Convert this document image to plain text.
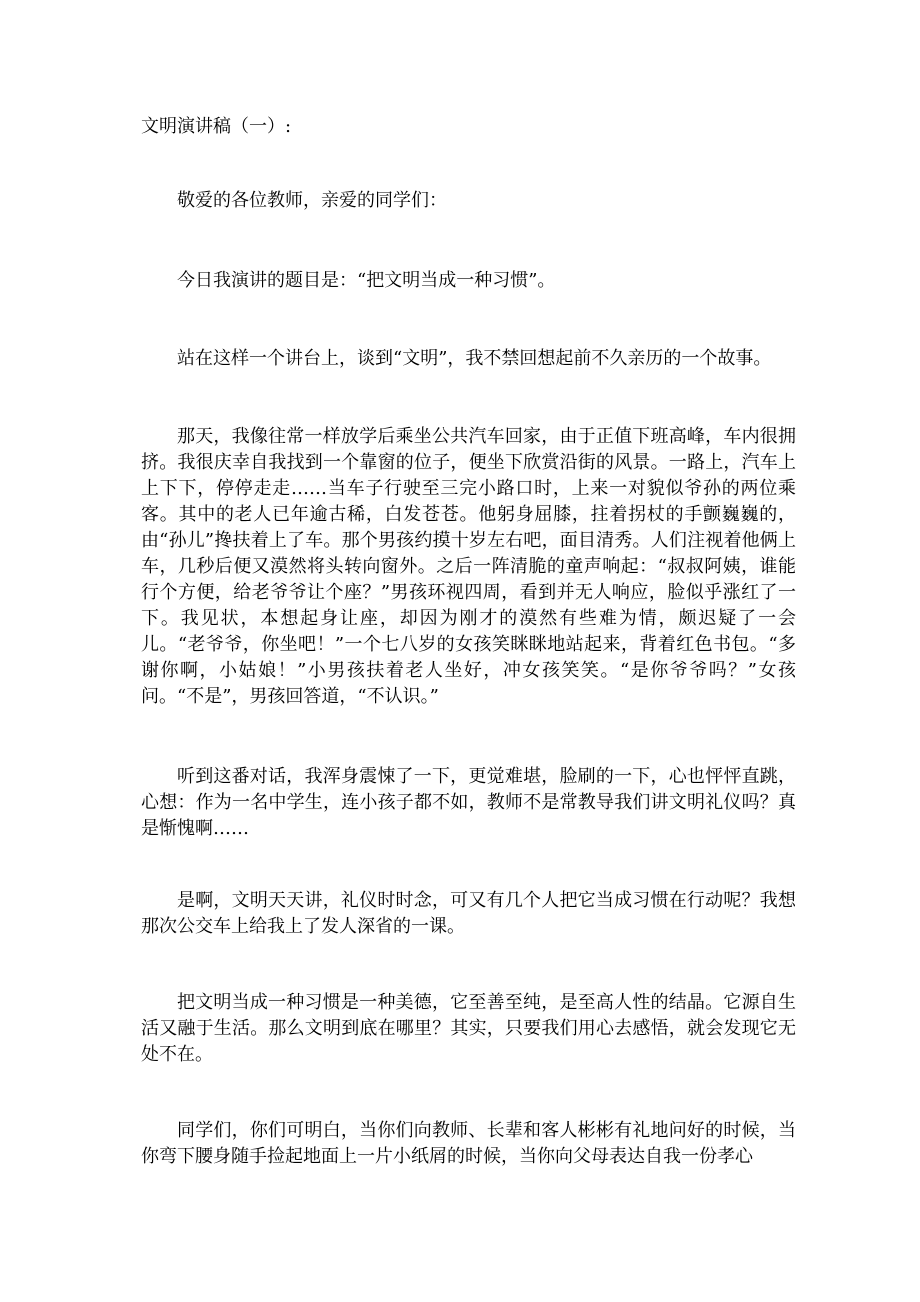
文明演讲稿（一）:

敬爱的各位教师，亲爱的同学们：

今日我演讲的题目是：“把文明当成一种习惯”。

站在这样一个讲台上，谈到“文明”，我不禁回想起前不久亲历的一个故事。

那天，我像往常一样放学后乘坐公共汽车回家，由于正值下班高峰，车内很拥挤。我很庆幸自我找到一个靠窗的位子，便坐下欣赏沿街的风景。一路上，汽车上上下下，停停走走……当车子行驶至三完小路口时，上来一对貌似爷孙的两位乘客。其中的老人已年逾古稀，白发苍苍。他躬身屈膝，拄着拐杖的手颤巍巍的，由“孙儿”搀扶着上了车。那个男孩约摸十岁左右吧，面目清秀。人们注视着他俩上车，几秒后便又漠然将头转向窗外。之后一阵清脆的童声响起：“叔叔阿姨，谁能行个方便，给老爷爷让个座？”男孩环视四周，看到并无人响应，脸似乎涨红了一下。我见状，本想起身让座，却因为刚才的漠然有些难为情，颇迟疑了一会儿。“老爷爷，你坐吧！”一个七八岁的女孩笑眯眯地站起来，背着红色书包。“多谢你啊，小姑娘！”小男孩扶着老人坐好，冲女孩笑笑。“是你爷爷吗？”女孩问。“不是”，男孩回答道，“不认识。”

听到这番对话，我浑身震悚了一下，更觉难堪，脸刷的一下，心也怦怦直跳，心想：作为一名中学生，连小孩子都不如，教师不是常教导我们讲文明礼仪吗？真是惭愧啊……

是啊，文明天天讲，礼仪时时念，可又有几个人把它当成习惯在行动呢？我想那次公交车上给我上了发人深省的一课。

把文明当成一种习惯是一种美德，它至善至纯，是至高人性的结晶。它源自生活又融于生活。那么文明到底在哪里？其实，只要我们用心去感悟，就会发现它无处不在。

同学们，你们可明白，当你们向教师、长辈和客人彬彬有礼地问好的时候，当你弯下腰身随手捡起地面上一片小纸屑的时候，当你向父母表达自我一份孝心
